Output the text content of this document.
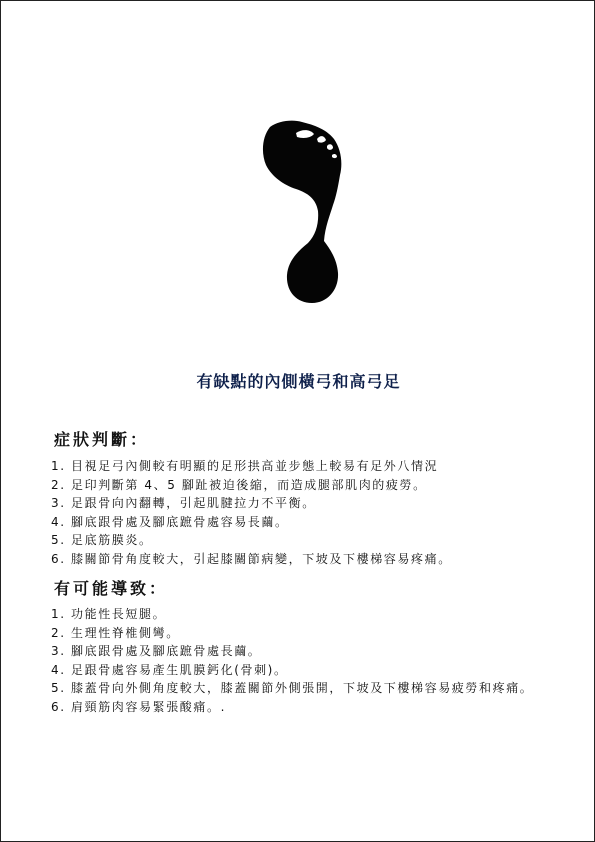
有缺點的內側橫弓和高弓足
症狀判斷：
1. 目視足弓內側較有明顯的足形拱高並步態上較易有足外八情況
2. 足印判斷第 4、5 腳趾被迫後縮，而造成腿部肌肉的疲勞。
3. 足跟骨向內翻轉，引起肌腱拉力不平衡。
4. 腳底跟骨處及腳底蹠骨處容易長繭。
5. 足底筋膜炎。
6. 膝關節骨角度較大，引起膝關節病變，下坡及下樓梯容易疼痛。
有可能導致：
1. 功能性長短腿。
2. 生理性脊椎側彎。
3. 腳底跟骨處及腳底蹠骨處長繭。
4. 足跟骨處容易產生肌膜鈣化(骨刺)。
5. 膝蓋骨向外側角度較大，膝蓋關節外側張開，下坡及下樓梯容易疲勞和疼痛。
6. 肩頸筋肉容易緊張酸痛。.
